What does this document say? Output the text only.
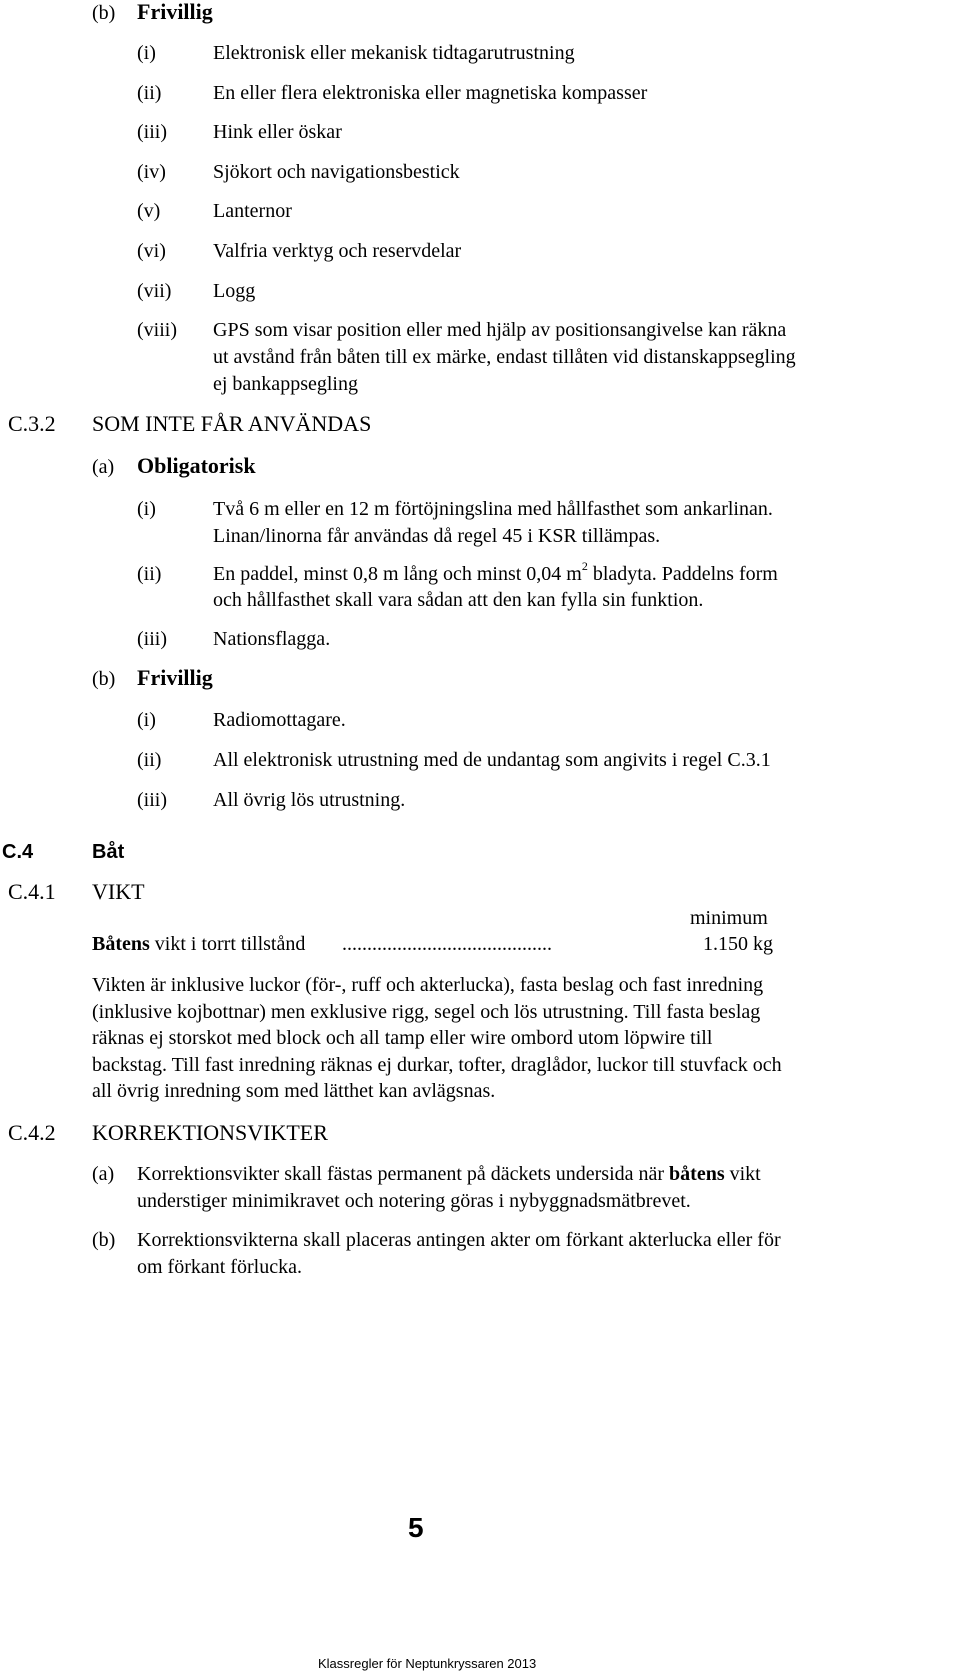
(b) Frivillig
(i)	Elektronisk eller mekanisk tidtagarutrustning
(ii)	En eller flera elektroniska eller magnetiska kompasser
(iii) Hink eller öskar
(iv) Sjökort och navigationsbestick
(v)	Lanternor
(vi) Valfria verktyg och reservdelar
(vii) Logg
(viii) GPS som visar position eller med hjälp av positionsangivelse kan räkna
ut avstånd från båten till ex märke, endast tillåten vid distanskappsegling
ej bankappsegling
C.3.2 SOM INTE FÅR ANVÄNDAS
(a) Obligatorisk
(i)	Två 6 m eller en 12 m förtöjningslina med hållfasthet som ankarlinan.
Linan/linorna får användas då regel 45 i KSR tillämpas.
(ii)	En paddel, minst 0,8 m lång och minst 0,04 $m^2$ bladyta. Paddelns form
och hållfasthet skall vara sådan att den kan fylla sin funktion.
(iii) Nationsflagga.
(b) Frivillig
(i)	Radiomottagare.
(ii)	All elektronisk utrustning med de undantag som angivits i regel C.3.1
(iii) All övrig lös utrustning.
C.4	Båt
C.4.1 VIKT
minimum
Båtens vikt i torrt tillstånd ..........................................	1.150 kg
Vikten är inklusive luckor (för-, ruff och akterlucka), fasta beslag och fast inredning
(inklusive kojbottnar) men exklusive rigg, segel och lös utrustning. Till fasta beslag
räknas ej storskot med block och all tamp eller wire ombord utom löpwire till
backstag. Till fast inredning räknas ej durkar, tofter, draglådor, luckor till stuvfack och
all övrig inredning som med lätthet kan avlägsnas.
C.4.2 KORREKTIONSVIKTER
(a) Korrektionsvikter skall fästas permanent på däckets undersida när båtens vikt
understiger minimikravet och notering göras i nybyggnadsmätbrevet.
(b) Korrektionsvikterna skall placeras antingen akter om förkant akterlucka eller för
om förkant förlucka.
5
Klassregler för Neptunkryssaren 2013
